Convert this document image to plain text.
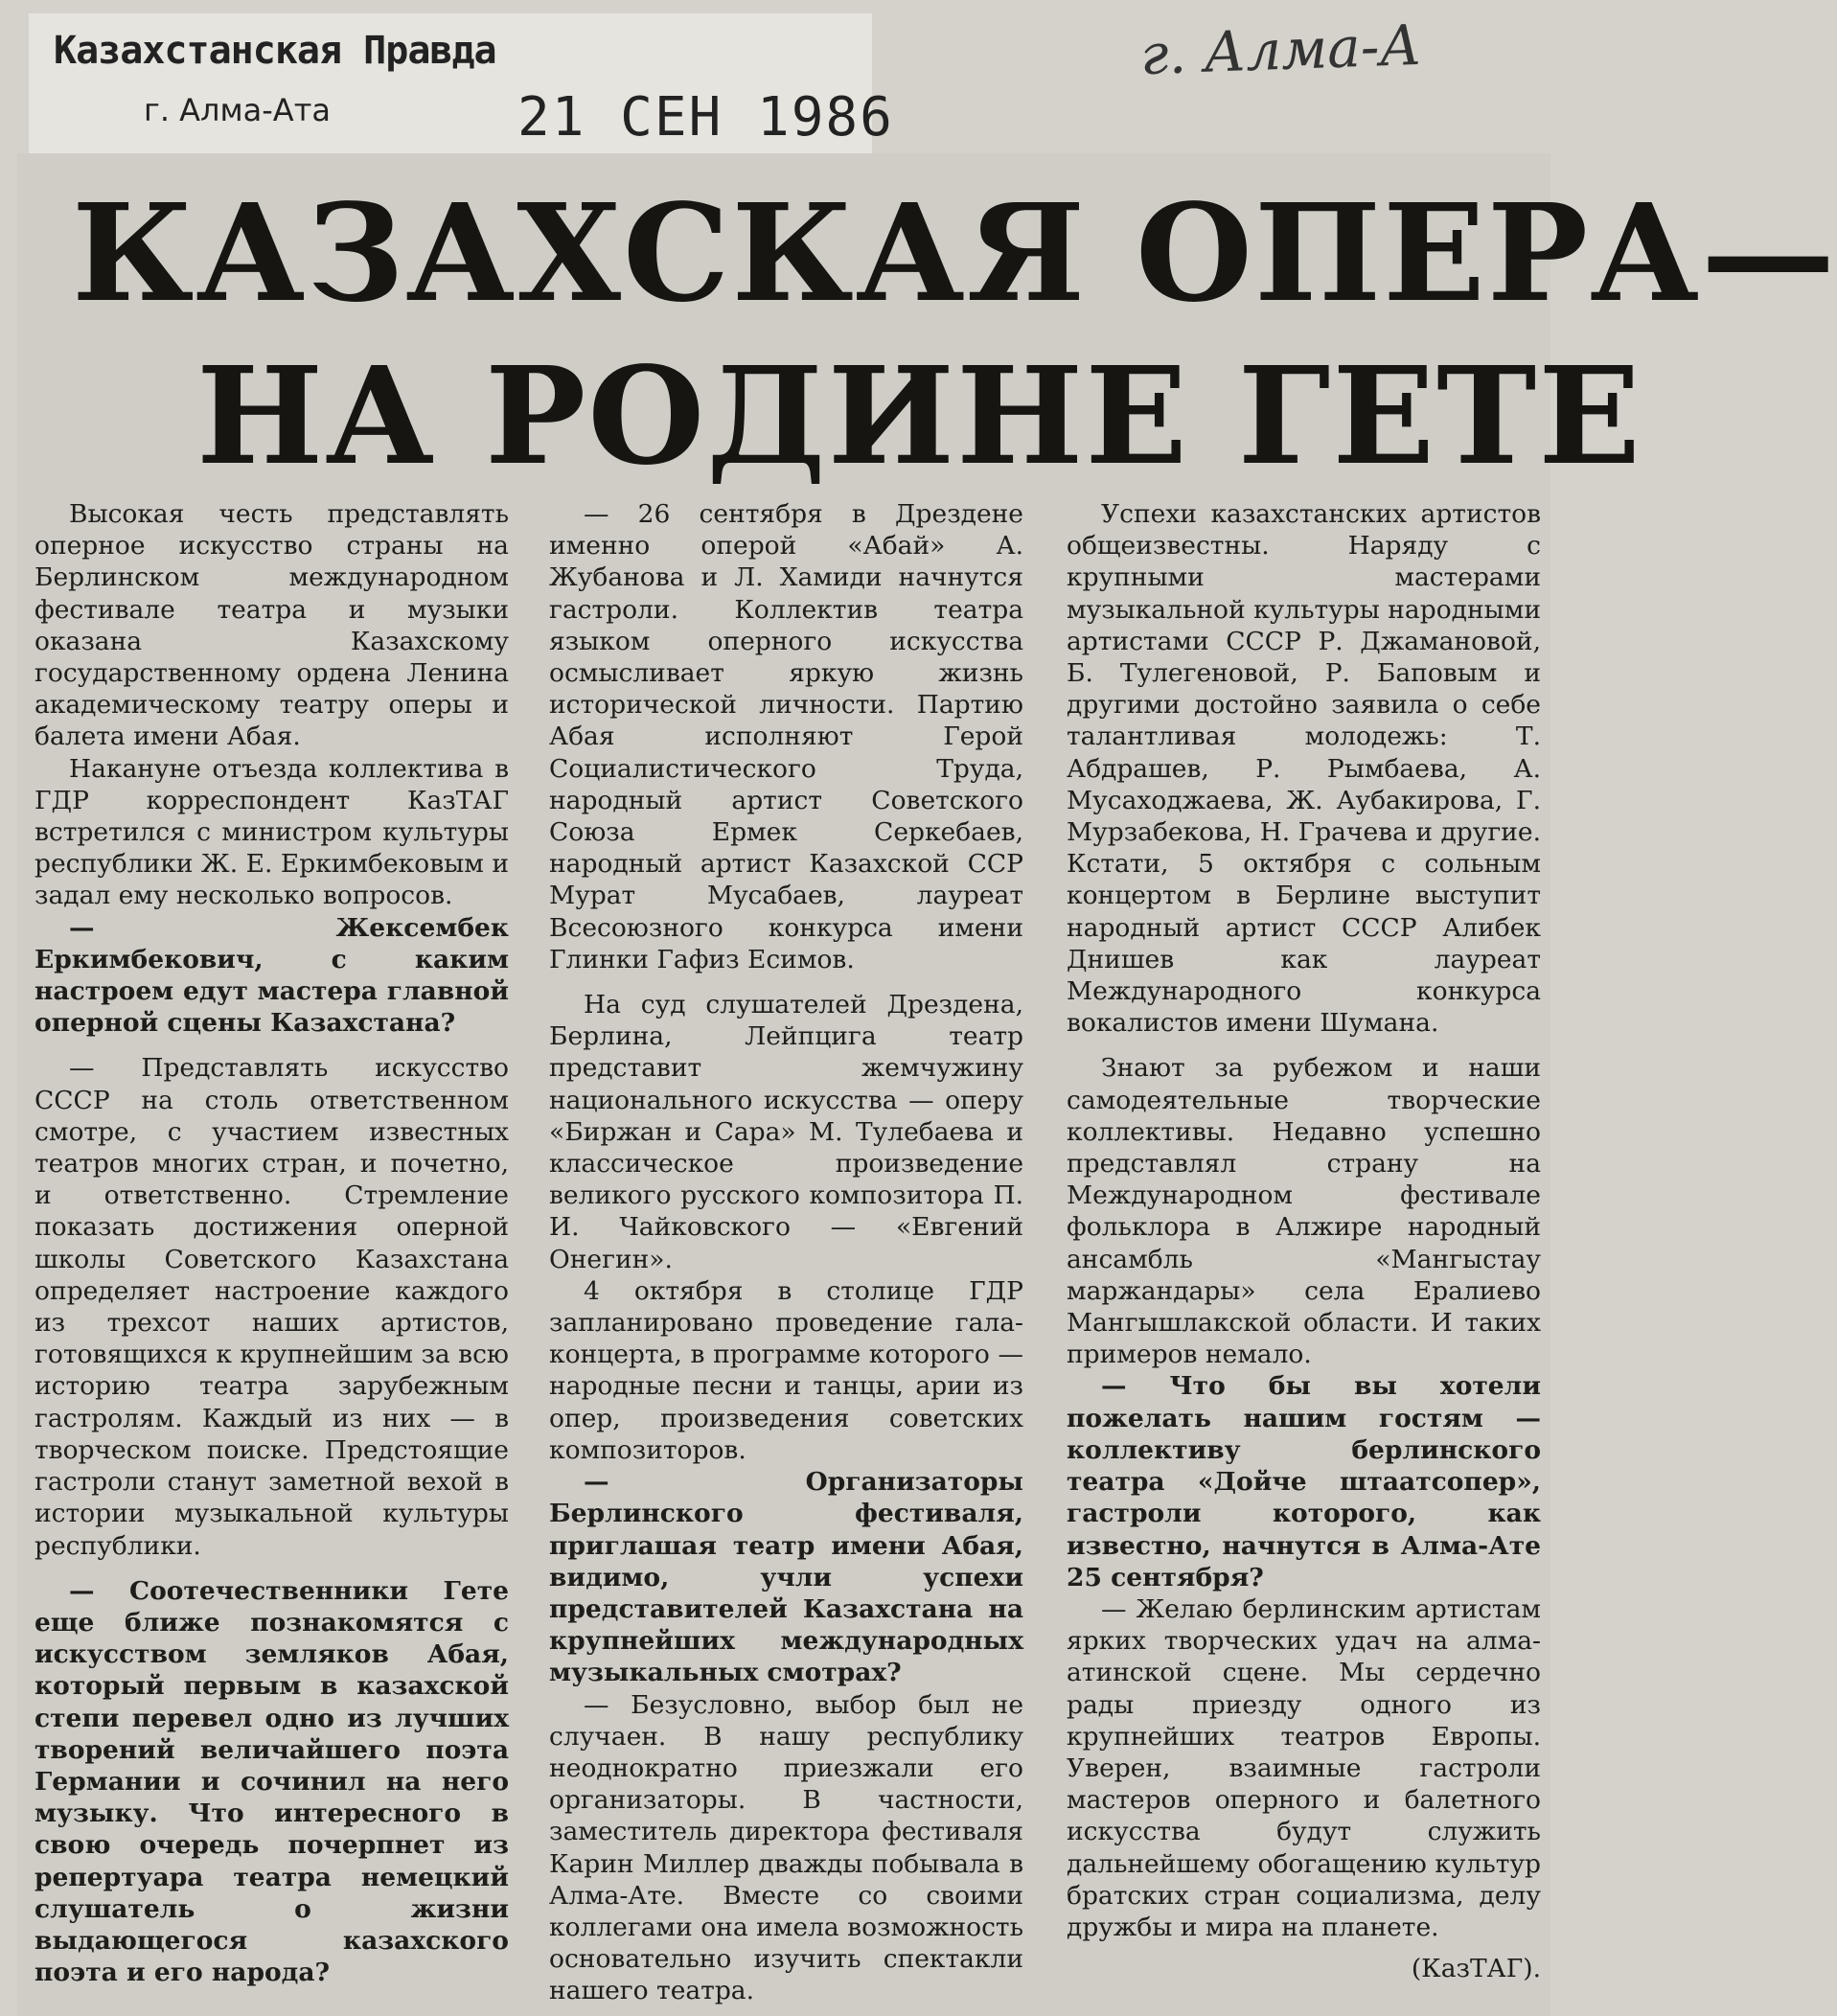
Казахстанская Правда
г. Алма-Ата	21 СЕН 1986
г. Алма-А
КАЗАХСКАЯ ОПЕРА—
НА РОДИНЕ ГЕТЕ

Высокая честь представлять оперное искусство страны на Берлинском международном фестивале театра и музыки оказана Казахскому государственному ордена Ленина академическому театру оперы и балета имени Абая.

Накануне отъезда коллектива в ГДР корреспондент КазТАГ встретился с министром культуры республики Ж. Е. Еркимбековым и задал ему несколько вопросов.

— Жексембек Еркимбекович, с каким настроем едут мастера главной оперной сцены Казахстана?

— Представлять искусство СССР на столь ответственном смотре, с участием известных театров многих стран, и почетно, и ответственно. Стремление показать достижения оперной школы Советского Казахстана определяет настроение каждого из трехсот наших артистов, готовящихся к крупнейшим за всю историю театра зарубежным гастролям. Каждый из них — в творческом поиске. Предстоящие гастроли станут заметной вехой в истории музыкальной культуры республики.

— Соотечественники Гете еще ближе познакомятся с искусством земляков Абая, который первым в казахской степи перевел одно из лучших творений величайшего поэта Германии и сочинил на него музыку. Что интересного в свою очередь почерпнет из репертуара театра немецкий слушатель о жизни выдающегося казахского поэта и его народа?

— 26 сентября в Дрездене именно оперой «Абай» А. Жубанова и Л. Хамиди начнутся гастроли. Коллектив театра языком оперного искусства осмысливает яркую жизнь исторической личности. Партию Абая исполняют Герой Социалистического Труда, народный артист Советского Союза Ермек Серкебаев, народный артист Казахской ССР Мурат Мусабаев, лауреат Всесоюзного конкурса имени Глинки Гафиз Есимов.

На суд слушателей Дрездена, Берлина, Лейпцига театр представит жемчужину национального искусства — оперу «Биржан и Сара» М. Тулебаева и классическое произведение великого русского композитора П. И. Чайковского — «Евгений Онегин».

4 октября в столице ГДР запланировано проведение гала-концерта, в программе которого — народные песни и танцы, арии из опер, произведения советских композиторов.

— Организаторы Берлинского фестиваля, приглашая театр имени Абая, видимо, учли успехи представителей Казахстана на крупнейших международных музыкальных смотрах?

— Безусловно, выбор был не случаен. В нашу республику неоднократно приезжали его организаторы. В частности, заместитель директора фестиваля Карин Миллер дважды побывала в Алма-Ате. Вместе со своими коллегами она имела возможность основательно изучить спектакли нашего театра.

Успехи казахстанских артистов общеизвестны. Наряду с крупными мастерами музыкальной культуры народными артистами СССР Р. Джамановой, Б. Тулегеновой, Р. Баповым и другими достойно заявила о себе талантливая молодежь: Т. Абдрашев, Р. Рымбаева, А. Мусаходжаева, Ж. Аубакирова, Г. Мурзабекова, Н. Грачева и другие. Кстати, 5 октября с сольным концертом в Берлине выступит народный артист СССР Алибек Днишев как лауреат Международного конкурса вокалистов имени Шумана.

Знают за рубежом и наши самодеятельные творческие коллективы. Недавно успешно представлял страну на Международном фестивале фольклора в Алжире народный ансамбль «Мангыстау маржандары» села Ералиево Мангышлакской области. И таких примеров немало.

— Что бы вы хотели пожелать нашим гостям — коллективу берлинского театра «Дойче штаатсопер», гастроли которого, как известно, начнутся в Алма-Ате 25 сентября?

— Желаю берлинским артистам ярких творческих удач на алма-атинской сцене. Мы сердечно рады приезду одного из крупнейших театров Европы. Уверен, взаимные гастроли мастеров оперного и балетного искусства будут служить дальнейшему обогащению культур братских стран социализма, делу дружбы и мира на планете.

(КазТАГ).
